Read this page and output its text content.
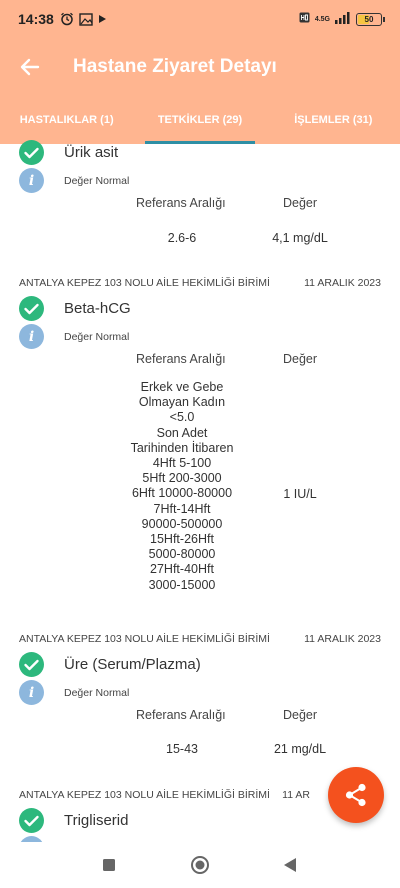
14:38	4.5G	50
Hastane Ziyaret Detayı
HASTALIKLAR (1)	TETKİKLER (29)	İŞLEMLER (31)
Ürik asit
i	Değer Normal
Referans Aralığı	Değer
2.6-6	4,1 mg/dL
ANTALYA KEPEZ 103 NOLU AİLE HEKİMLİĞİ BİRİMİ	11 ARALIK 2023
Beta-hCG
i	Değer Normal
Referans Aralığı	Değer
Erkek ve Gebe
Olmayan Kadın
<5.0
Son Adet
Tarihinden İtibaren
4Hft 5-100
5Hft 200-3000
6Hft 10000-80000
7Hft-14Hft
90000-500000
15Hft-26Hft
5000-80000
27Hft-40Hft
3000-15000
1 IU/L
ANTALYA KEPEZ 103 NOLU AİLE HEKİMLİĞİ BİRİMİ	11 ARALIK 2023
Üre (Serum/Plazma)
i	Değer Normal
Referans Aralığı	Değer
15-43	21 mg/dL
ANTALYA KEPEZ 103 NOLU AİLE HEKİMLİĞİ BİRİMİ 11 AR
Trigliserid
